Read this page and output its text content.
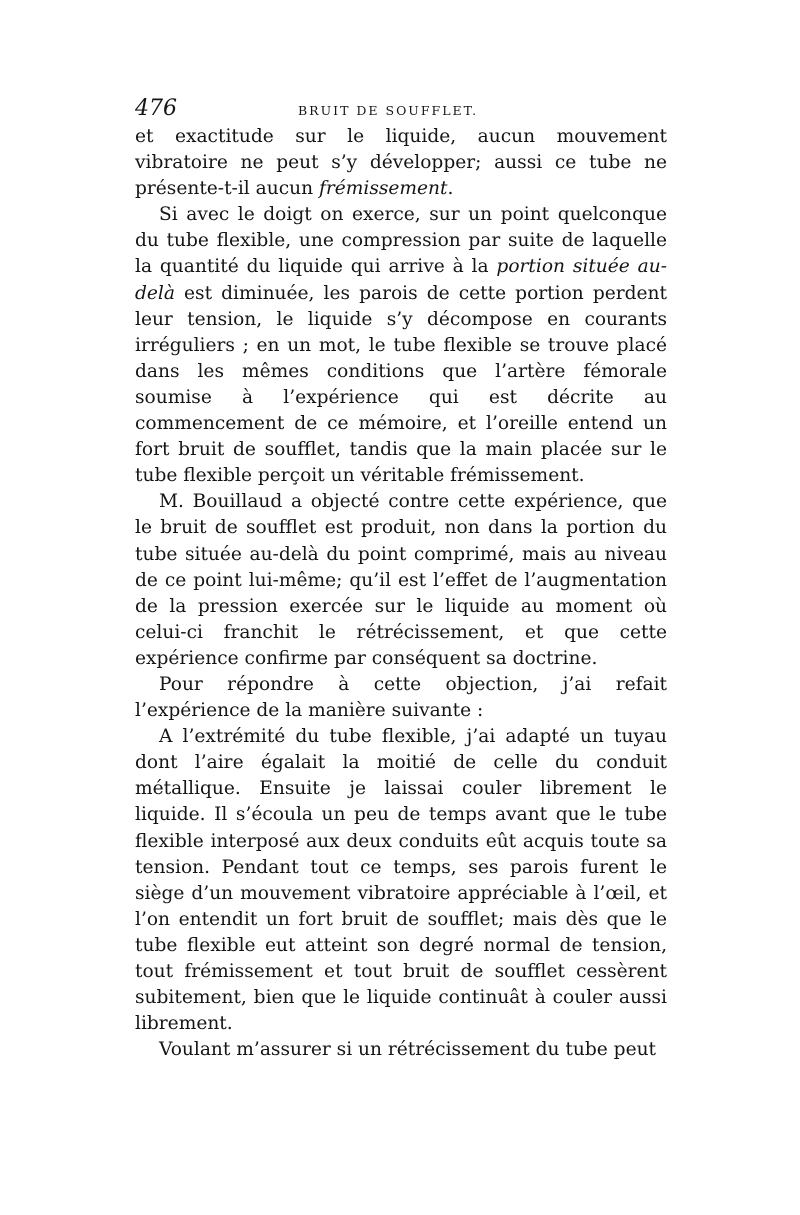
476	BRUIT DE SOUFFLET.

et exactitude sur le liquide, aucun mouvement vibratoire ne peut s’y développer; aussi ce tube ne présente-t-il aucun frémissement.

Si avec le doigt on exerce, sur un point quelconque du tube flexible, une compression par suite de laquelle la quantité du liquide qui arrive à la portion située au-delà est diminuée, les parois de cette portion perdent leur tension, le liquide s’y décompose en courants irréguliers ; en un mot, le tube flexible se trouve placé dans les mêmes conditions que l’artère fémorale soumise à l’expérience qui est décrite au commencement de ce mémoire, et l’oreille entend un fort bruit de soufflet, tandis que la main placée sur le tube flexible perçoit un véritable frémissement.

M. Bouillaud a objecté contre cette expérience, que le bruit de soufflet est produit, non dans la portion du tube située au-delà du point comprimé, mais au niveau de ce point lui-même; qu’il est l’effet de l’augmentation de la pression exercée sur le liquide au moment où celui-ci franchit le rétrécissement, et que cette expérience confirme par conséquent sa doctrine.

Pour répondre à cette objection, j’ai refait l’expérience de la manière suivante :

A l’extrémité du tube flexible, j’ai adapté un tuyau dont l’aire égalait la moitié de celle du conduit métallique. Ensuite je laissai couler librement le liquide. Il s’écoula un peu de temps avant que le tube flexible interposé aux deux conduits eût acquis toute sa tension. Pendant tout ce temps, ses parois furent le siège d’un mouvement vibratoire appréciable à l’œil, et l’on entendit un fort bruit de soufflet; mais dès que le tube flexible eut atteint son degré normal de tension, tout frémissement et tout bruit de soufflet cessèrent subitement, bien que le liquide continuât à couler aussi librement.

Voulant m’assurer si un rétrécissement du tube peut
